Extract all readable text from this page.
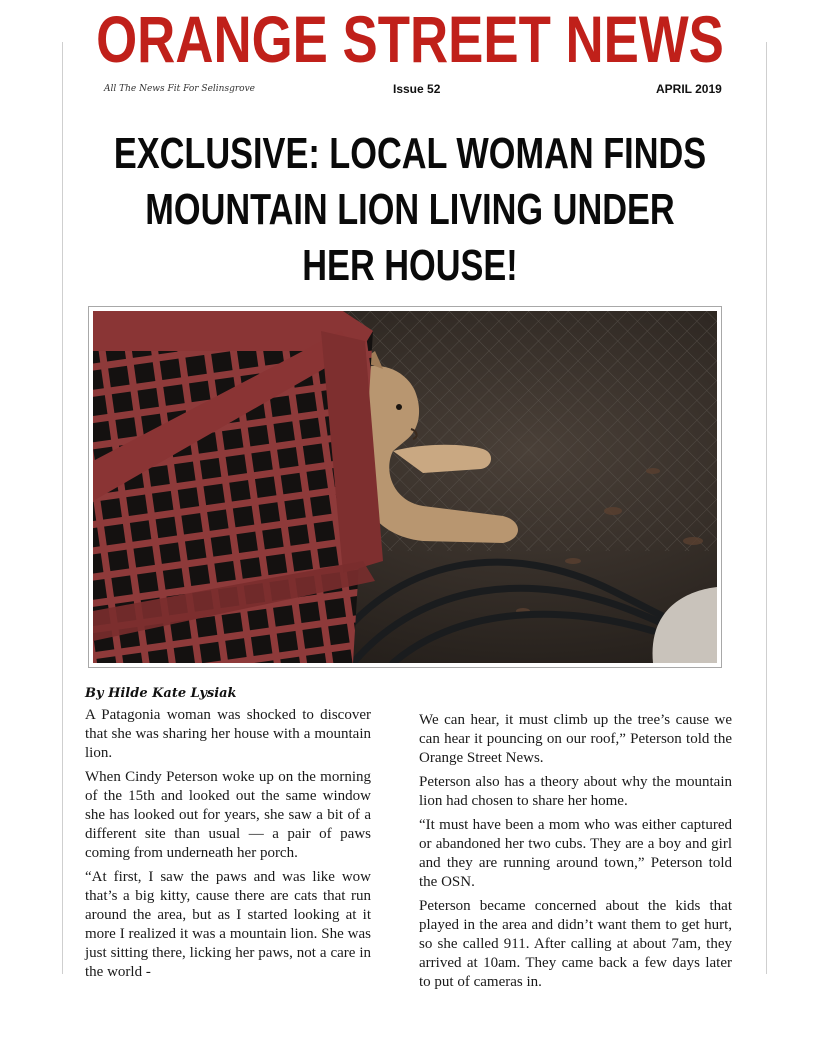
ORANGE STREET NEWS
All The News Fit For Selinsgrove	Issue 52	APRIL 2019
EXCLUSIVE: LOCAL WOMAN FINDS
MOUNTAIN LION LIVING UNDER
HER HOUSE!
By Hilde Kate Lysiak

A Patagonia woman was shocked to discover that she was sharing her house with a mountain lion.

When Cindy Peterson woke up on the morning of the 15th and looked out the same window she has looked out for years, she saw a bit of a different site than usual — a pair of paws coming from underneath her porch.

“At first, I saw the paws and was like wow that’s a big kitty, cause there are cats that run around the area, but as I started looking at it more I realized it was a mountain lion. She was just sitting there, licking her paws, not a care in the world -

We can hear, it must climb up the tree’s cause we can hear it pouncing on our roof,” Peterson told the Orange Street News.

Peterson also has a theory about why the mountain lion had chosen to share her home.

“It must have been a mom who was either captured or abandoned her two cubs. They are a boy and girl and they are running around town,” Peterson told the OSN.

Peterson became concerned about the kids that played in the area and didn’t want them to get hurt, so she called 911. After calling at about 7am, they arrived at 10am. They came back a few days later to put of cameras in.
